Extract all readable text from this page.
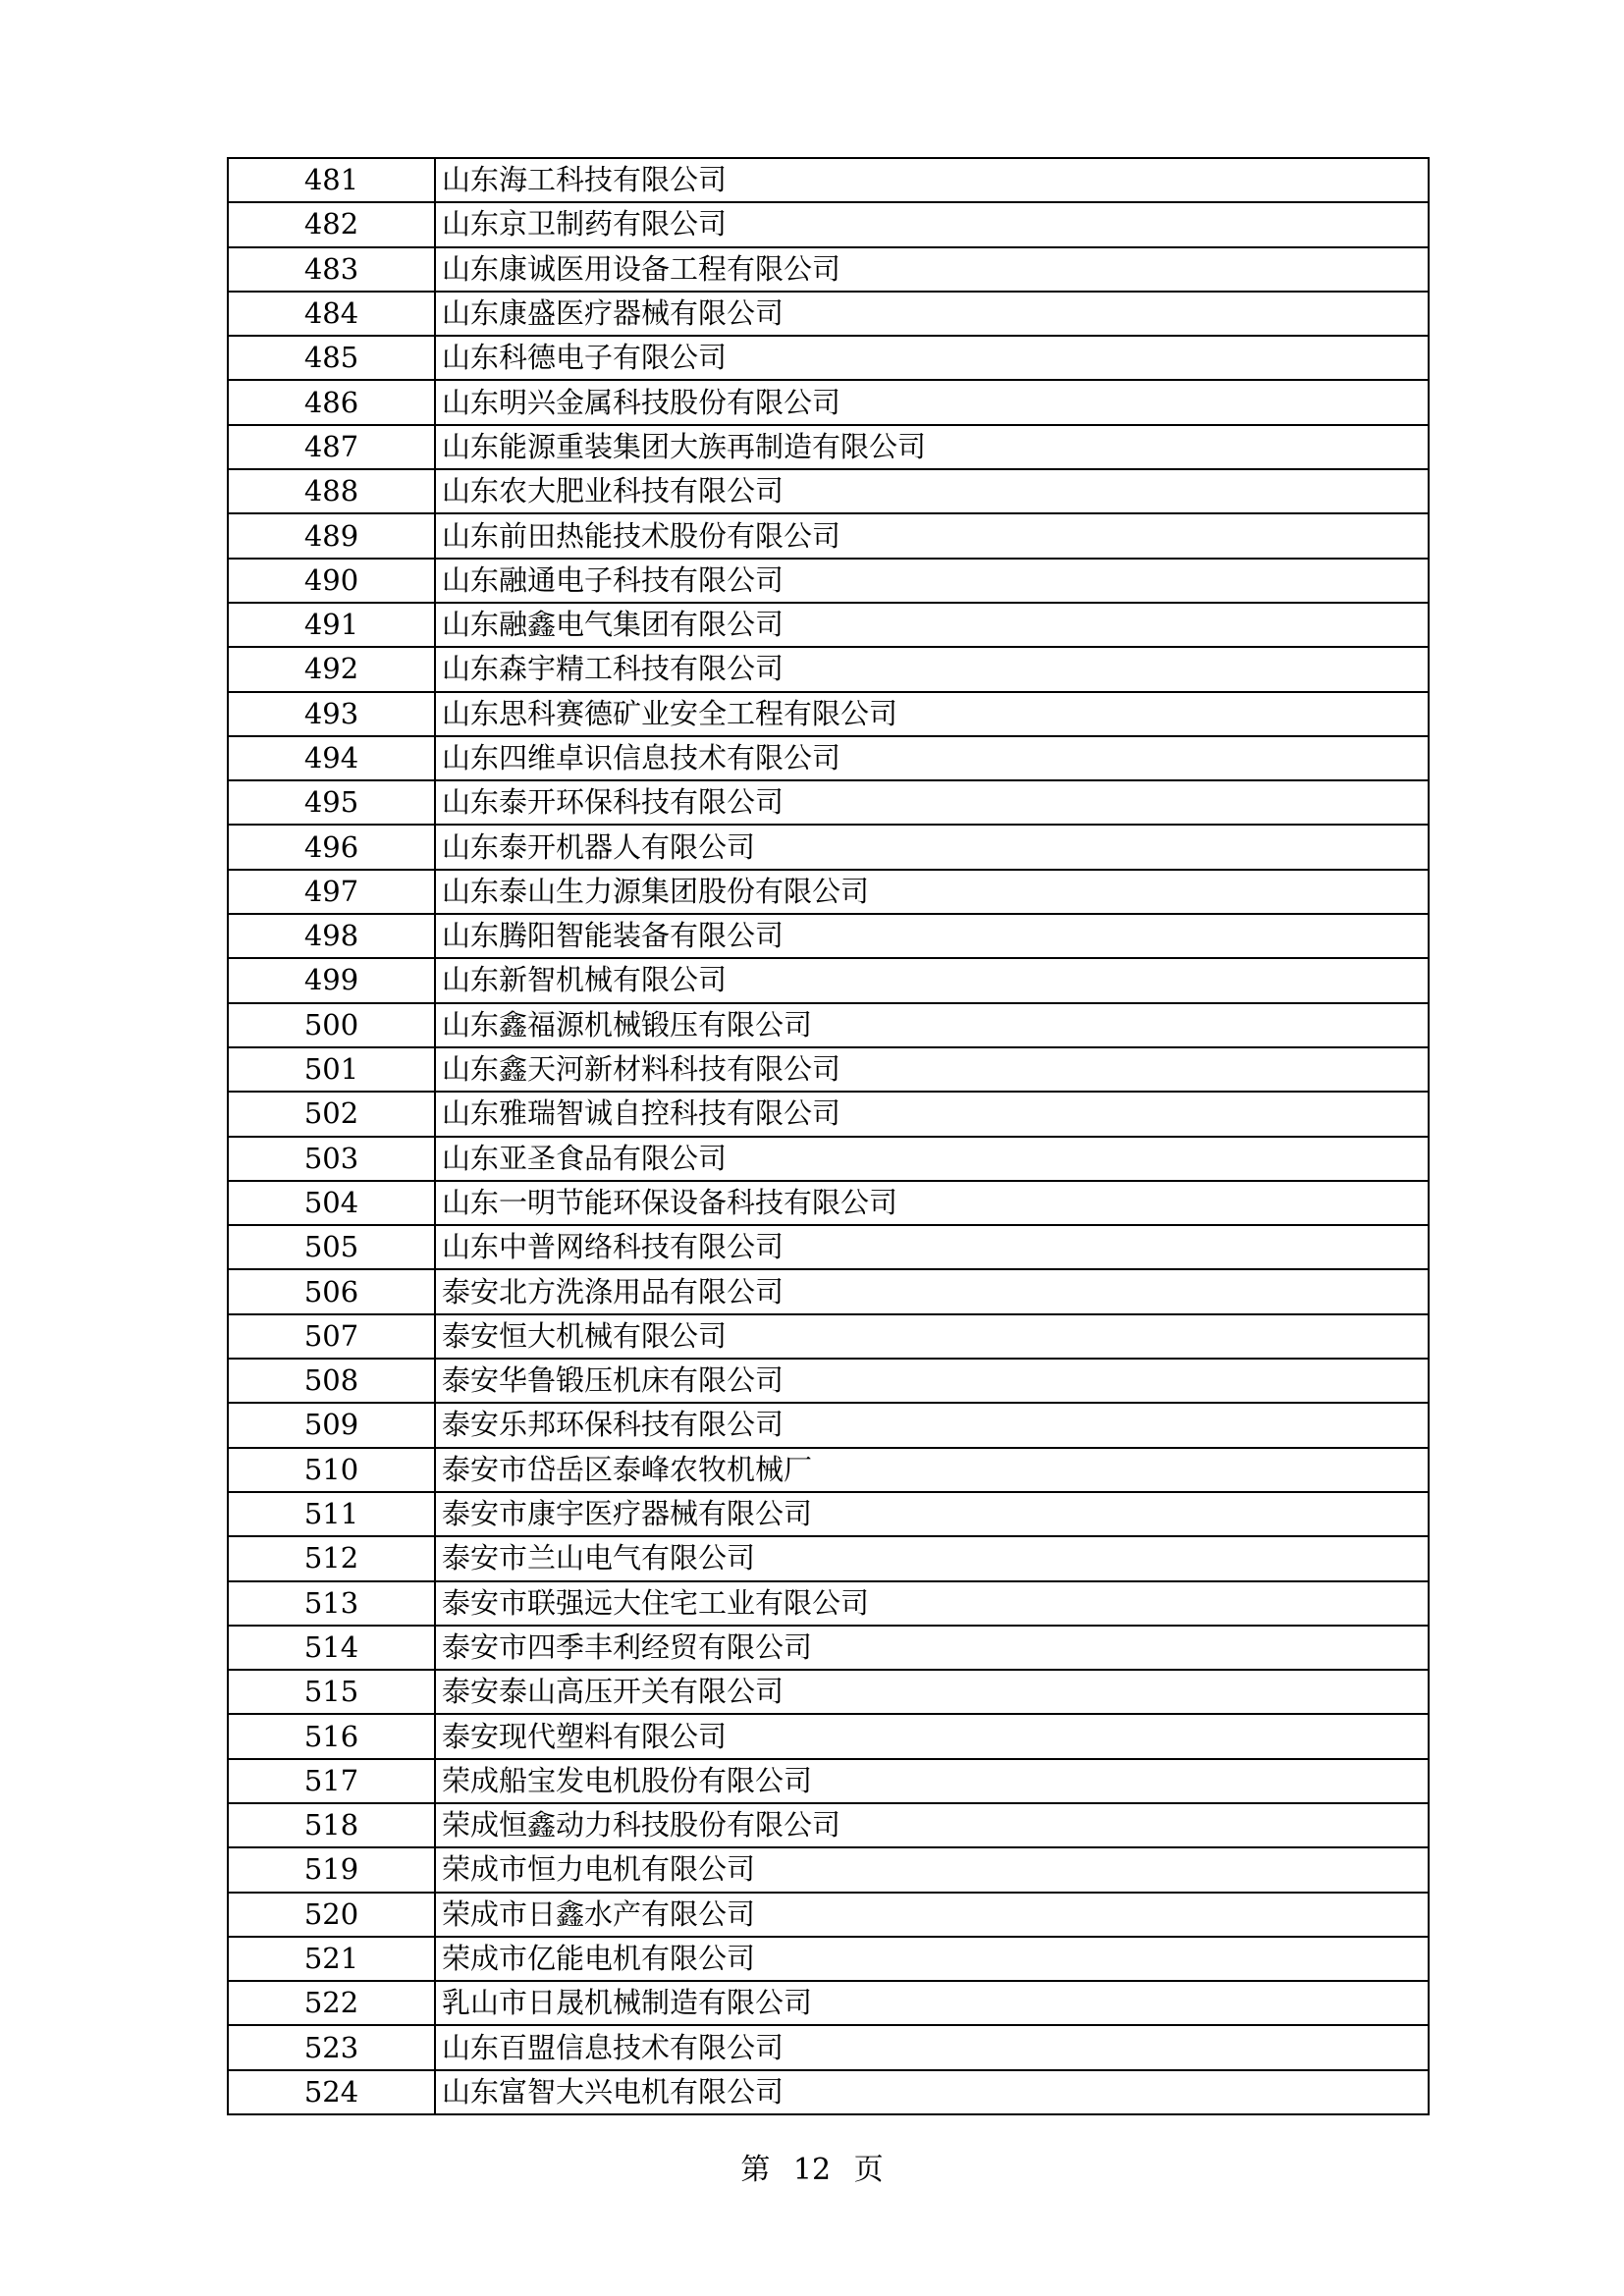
481	山东海工科技有限公司
482	山东京卫制药有限公司
483	山东康诚医用设备工程有限公司
484	山东康盛医疗器械有限公司
485	山东科德电子有限公司
486	山东明兴金属科技股份有限公司
487	山东能源重装集团大族再制造有限公司
488	山东农大肥业科技有限公司
489	山东前田热能技术股份有限公司
490	山东融通电子科技有限公司
491	山东融鑫电气集团有限公司
492	山东森宇精工科技有限公司
493	山东思科赛德矿业安全工程有限公司
494	山东四维卓识信息技术有限公司
495	山东泰开环保科技有限公司
496	山东泰开机器人有限公司
497	山东泰山生力源集团股份有限公司
498	山东腾阳智能装备有限公司
499	山东新智机械有限公司
500	山东鑫福源机械锻压有限公司
501	山东鑫天河新材料科技有限公司
502	山东雅瑞智诚自控科技有限公司
503	山东亚圣食品有限公司
504	山东一明节能环保设备科技有限公司
505	山东中普网络科技有限公司
506	泰安北方洗涤用品有限公司
507	泰安恒大机械有限公司
508	泰安华鲁锻压机床有限公司
509	泰安乐邦环保科技有限公司
510	泰安市岱岳区泰峰农牧机械厂
511	泰安市康宇医疗器械有限公司
512	泰安市兰山电气有限公司
513	泰安市联强远大住宅工业有限公司
514	泰安市四季丰利经贸有限公司
515	泰安泰山高压开关有限公司
516	泰安现代塑料有限公司
517	荣成船宝发电机股份有限公司
518	荣成恒鑫动力科技股份有限公司
519	荣成市恒力电机有限公司
520	荣成市日鑫水产有限公司
521	荣成市亿能电机有限公司
522	乳山市日晟机械制造有限公司
523	山东百盟信息技术有限公司
524	山东富智大兴电机有限公司
第 12 页
